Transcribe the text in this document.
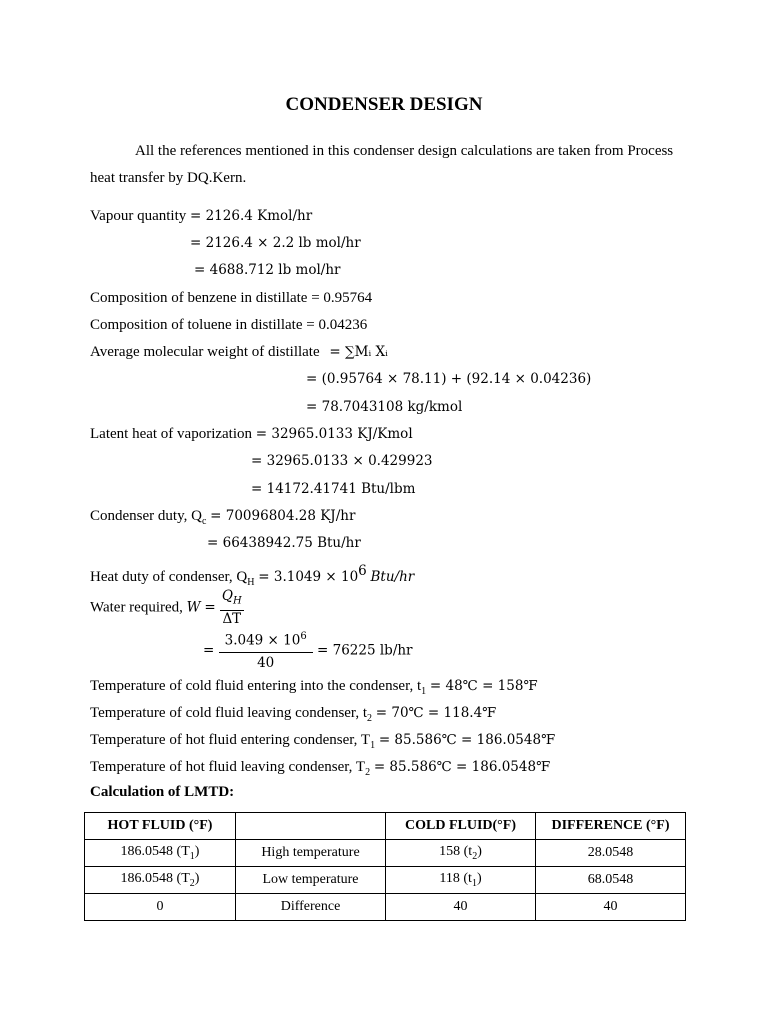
CONDENSER DESIGN
All the references mentioned in this condenser design calculations are taken from Process heat transfer by DQ.Kern.
Vapour quantity = 2126.4 Kmol/hr
= 2126.4 × 2.2 lb mol/hr
= 4688.712 lb mol/hr
Composition of benzene in distillate = 0.95764
Composition of toluene in distillate = 0.04236
Average molecular weight of distillate = ∑Mᵢ Xᵢ
= (0.95764 × 78.11) + (92.14 × 0.04236)
= 78.7043108 kg/kmol
Latent heat of vaporization = 32965.0133 KJ/Kmol
= 32965.0133 × 0.429923
= 14172.41741 Btu/lbm
Condenser duty, $Q_c = 70096804.28$ KJ/hr
= 66438942.75 Btu/hr
Heat duty of condenser, $Q_H = 3.1049 \times 10^6$ Btu/hr
Water required, $W = \frac{Q_H}{\Delta T}$
= $\frac{3.049 \times 10^6}{40} = 76225$ lb/hr
Temperature of cold fluid entering into the condenser, $t_1$ = 48℃ = 158℉
Temperature of cold fluid leaving condenser, $t_2$ = 70℃ = 118.4℉
Temperature of hot fluid entering condenser, $T_1$ = 85.586℃ = 186.0548℉
Temperature of hot fluid leaving condenser, $T_2$ = 85.586℃ = 186.0548℉
Calculation of LMTD:
HOT FLUID (°F)		COLD FLUID(°F)	DIFFERENCE (°F)
186.0548 $(T_1)$	High temperature	158 $(t_2)$	28.0548
186.0548 $(T_2)$	Low temperature	118 $(t_1)$	68.0548
0	Difference	40	40
